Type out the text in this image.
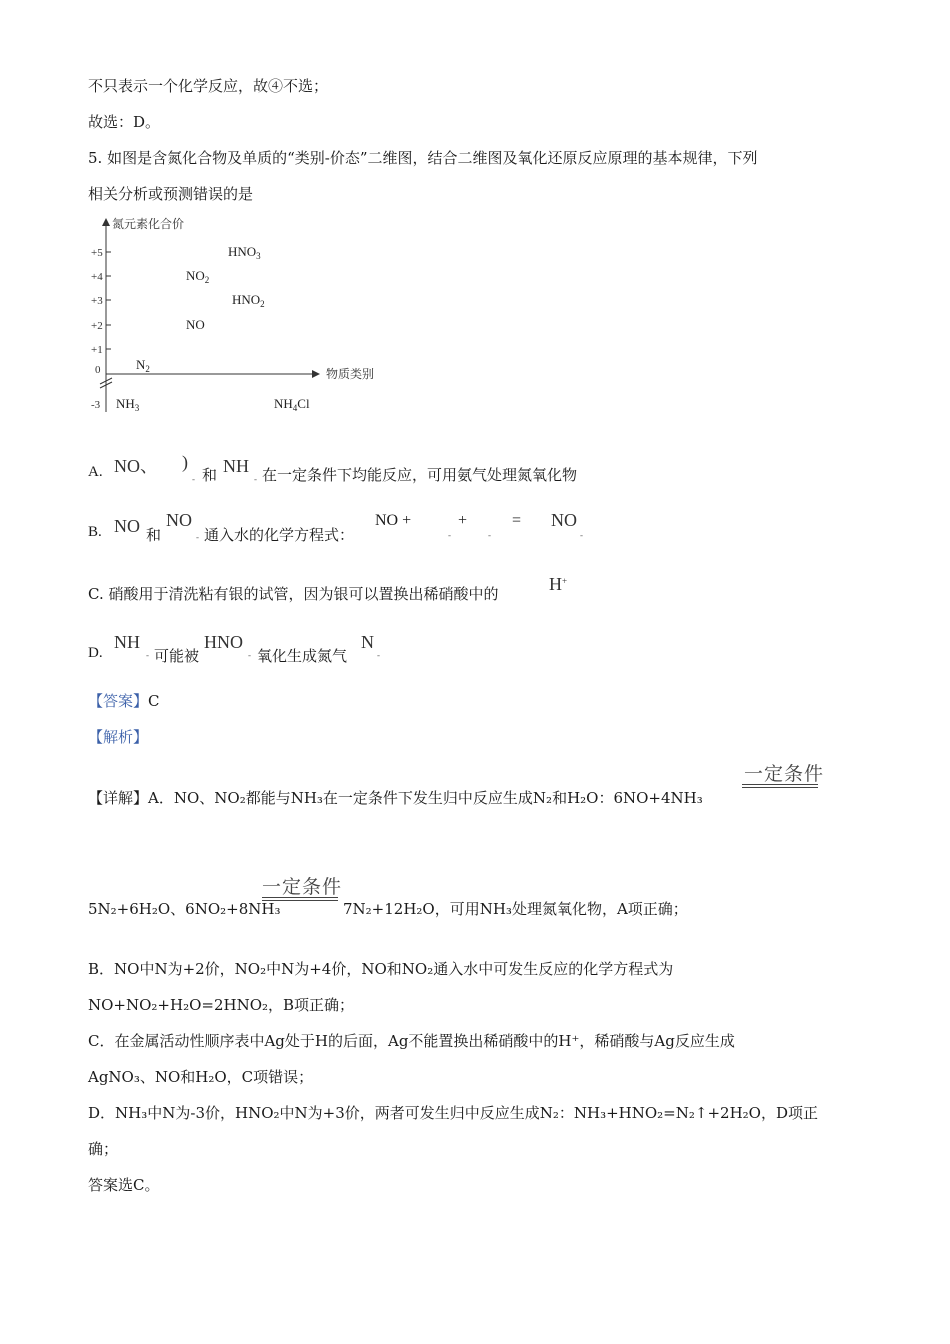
不只表示一个化学反应，故④不选；
故选：D。
5. 如图是含氮化合物及单质的“类别-价态”二维图，结合二维图及氧化还原反应原理的基本规律，下列
相关分析或预测错误的是
氮元素化合价
物质类别
+5
+4
+3
+2
+1
0
-3
$HNO_3$
$NO_2$
$HNO_2$
NO
$N_2$
$NH_3$	$NH_4Cl$
A. NO、 )
- 和 NH
- 在一定条件下均能反应，可用氨气处理氮氧化物
B. NO 和
NO
- 通入水的化学方程式：
NO +
-
+
-
= NO
-
C. 硝酸用于清洗粘有银的试管，因为银可以置换出稀硝酸中的	H+
D.
NH
- 可能被
HNO
- 氧化生成氮气
N
-
【答案】C
【解析】
【详解】A．NO、NO₂都能与NH₃在一定条件下发生归中反应生成N₂和H₂O：6NO+4NH₃
一定条件
5N₂+6H₂O、6NO₂+8NH₃
一定条件
7N₂+12H₂O，可用NH₃处理氮氧化物，A项正确；
B．NO中N为+2价，NO₂中N为+4价，NO和NO₂通入水中可发生反应的化学方程式为
NO+NO₂+H₂O=2HNO₂，B项正确；
C．在金属活动性顺序表中Ag处于H的后面，Ag不能置换出稀硝酸中的H⁺，稀硝酸与Ag反应生成
AgNO₃、NO和H₂O，C项错误；
D．NH₃中N为-3价，HNO₂中N为+3价，两者可发生归中反应生成N₂：NH₃+HNO₂=N₂↑+2H₂O，D项正
确；
答案选C。
